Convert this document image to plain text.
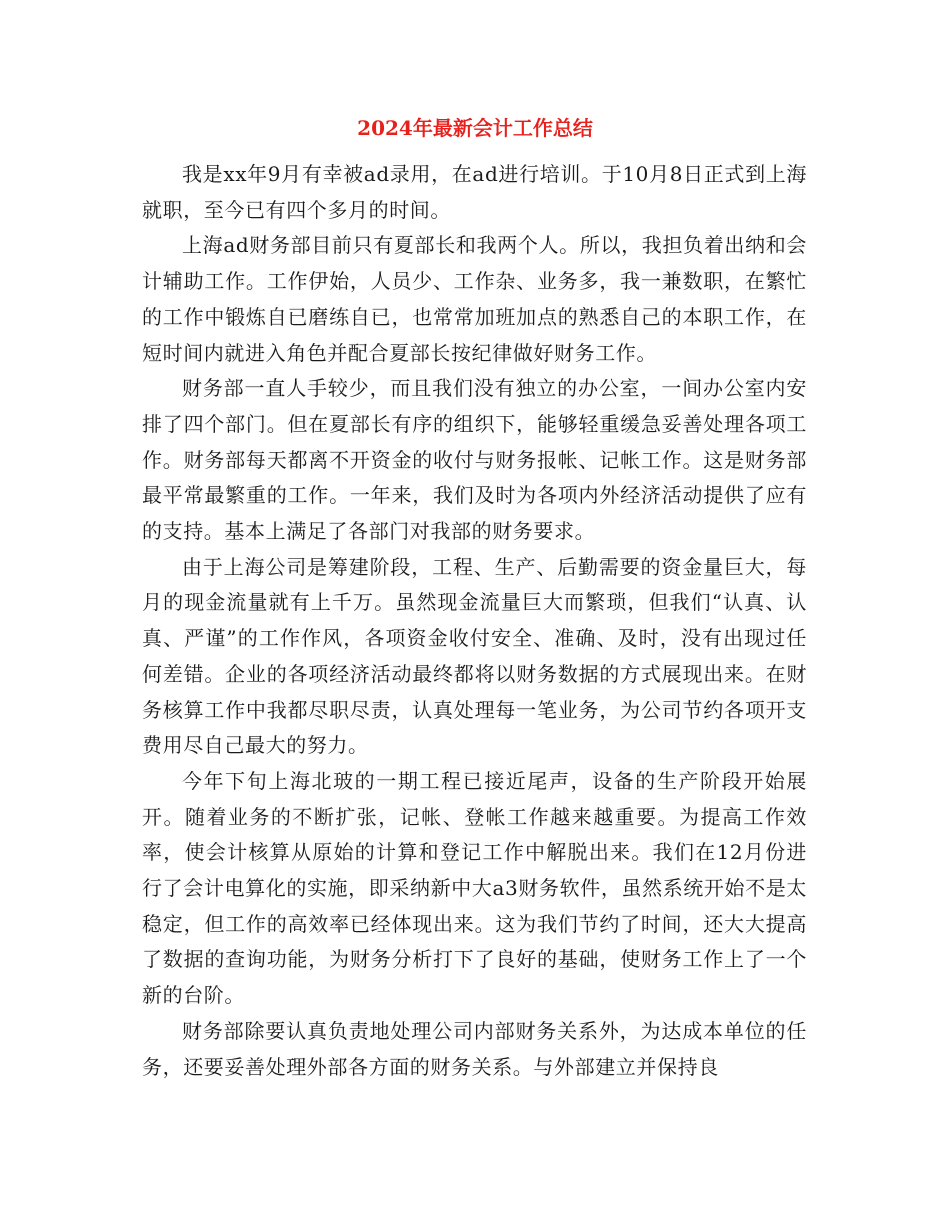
2024年最新会计工作总结

我是xx年9月有幸被ad录用，在ad进行培训。于10月8日正式到上海就职，至今已有四个多月的时间。

上海ad财务部目前只有夏部长和我两个人。所以，我担负着出纳和会计辅助工作。工作伊始，人员少、工作杂、业务多，我一兼数职，在繁忙的工作中锻炼自已磨练自已，也常常加班加点的熟悉自己的本职工作，在短时间内就进入角色并配合夏部长按纪律做好财务工作。

财务部一直人手较少，而且我们没有独立的办公室，一间办公室内安排了四个部门。但在夏部长有序的组织下，能够轻重缓急妥善处理各项工作。财务部每天都离不开资金的收付与财务报帐、记帐工作。这是财务部最平常最繁重的工作。一年来，我们及时为各项内外经济活动提供了应有的支持。基本上满足了各部门对我部的财务要求。

由于上海公司是筹建阶段，工程、生产、后勤需要的资金量巨大，每月的现金流量就有上千万。虽然现金流量巨大而繁琐，但我们“认真、认真、严谨”的工作作风，各项资金收付安全、准确、及时，没有出现过任何差错。企业的各项经济活动最终都将以财务数据的方式展现出来。在财务核算工作中我都尽职尽责，认真处理每一笔业务，为公司节约各项开支费用尽自己最大的努力。

今年下旬上海北玻的一期工程已接近尾声，设备的生产阶段开始展开。随着业务的不断扩张，记帐、登帐工作越来越重要。为提高工作效率，使会计核算从原始的计算和登记工作中解脱出来。我们在12月份进行了会计电算化的实施，即采纳新中大a3财务软件，虽然系统开始不是太稳定，但工作的高效率已经体现出来。这为我们节约了时间，还大大提高了数据的查询功能，为财务分析打下了良好的基础，使财务工作上了一个新的台阶。

财务部除要认真负责地处理公司内部财务关系外，为达成本单位的任务，还要妥善处理外部各方面的财务关系。与外部建立并保持良
